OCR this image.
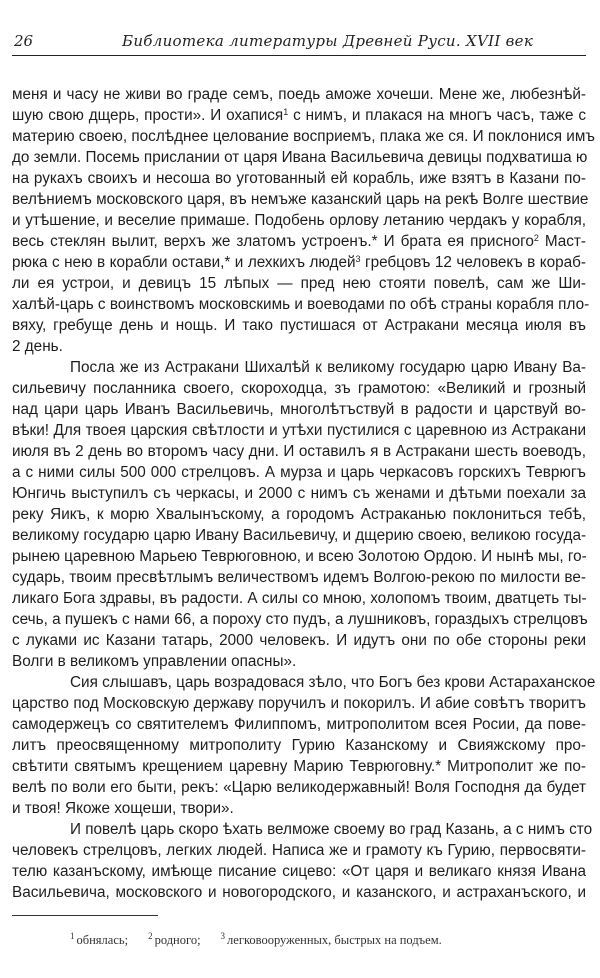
26	Библиотека литературы Древней Руси. XVII век
меня и часу не живи во граде семъ, поедь аможе хочеши. Мене же, любезнѣй-
шую свою дщерь, прости». И охапися$^1$ с нимъ, и плакася на многъ часъ, таже с
материю своею, послѣднее целование восприемъ, плака же ся. И поклонися имъ
до земли. Посемь прислании от царя Ивана Васильевича девицы подхватиша ю
на рукахъ своихъ и несоша во уготованный ей корабль, иже взятъ в Казани по-
велѣниемъ московского царя, въ немъже казанский царь на рекѣ Волге шествие
и утѣшение, и веселие примаше. Подобень орлову летанию чердакъ у корабля,
весь стеклян вылит, верхъ же златомъ устроенъ.* И брата ея присного$^2$ Маст-
рюка с нею в корабли остави,* и лехкихъ людей$^3$ гребцовъ 12 человекъ в кораб-
ли ея устрои, и девицъ 15 лѣпых — пред нею стояти повелѣ, сам же Ши-
халѣй-царь с воинствомъ московскимь и воеводами по обѣ страны корабля пло-
вяху, гребуще день и нощь. И тако пустишася от Астракани месяца июля въ
2 день.
Посла же из Астракани Шихалѣй к великому государю царю Ивану Ва-
сильевичу посланника своего, скороходца, зъ грамотою: «Великий и грозный
над цари царь Иванъ Васильевичь, многолѣтъствуй в радости и царствуй во-
вѣки! Для твоея царския свѣтлости и утѣхи пустилися с царевною из Астракани
июля въ 2 день во второмъ часу дни. И оставилъ я в Астракани шесть воеводъ,
а с ними силы 500 000 стрелцовъ. А мурза и царь черкасовъ горскихъ Теврюгъ
Юнгичь выступилъ съ черкасы, и 2000 с нимъ съ женами и дѣтьми поехали за
реку Яикъ, к морю Хвалынъскому, а городомъ Астраканью поклониться тебѣ,
великому государю царю Ивану Васильевичу, и дщерию своею, великою госуда-
рынею царевною Марьею Теврюговною, и всею Золотою Ордою. И нынѣ мы, го-
сударь, твоим пресвѣтлымъ величествомъ идемъ Волгою-рекою по милости ве-
ликаго Бога здравы, въ радости. А силы со мною, холопомъ твоим, дватцеть ты-
сечь, а пушекъ с нами 66, а пороху сто пудъ, а лушниковъ, гораздыхъ стрелцовъ
с луками ис Казани татарь, 2000 человекъ. И идутъ они по обе стороны реки
Волги в великомъ управлении опасны».
Сия слышавъ, царь возрадовася зѣло, что Богъ без крови Астараханское
царство под Московскую державу поручилъ и покорилъ. И абие совѣтъ творитъ
самодержецъ со святителемъ Филиппомъ, митрополитом всея Росии, да пове-
литъ преосвященному митрополиту Гурию Казанскому и Свияжскому про-
свѣтити святымъ крещением царевну Марию Теврюговну.* Митрополит же по-
велѣ по воли его быти, рекъ: «Царю великодержавный! Воля Господня да будет
и твоя! Якоже хощеши, твори».
И повелѣ царь скоро ѣхать велможе своему во град Казань, а с нимъ сто
человекъ стрелцовъ, легких людей. Написа же и грамоту къ Гурию, первосвяти-
телю казанъскому, имѣюще писание сицево: «От царя и великаго князя Ивана
Васильевича, московского и новогородского, и казанского, и астраханъского, и
$^1$ обнялась; $^2$ родного; $^3$ легковооруженных, быстрых на подъем.
